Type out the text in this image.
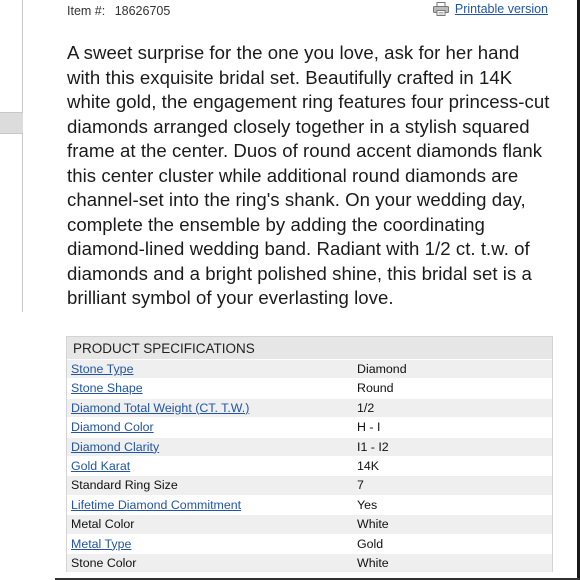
Item #: 18626705	Printable version

A sweet surprise for the one you love, ask for her hand with this exquisite bridal set. Beautifully crafted in 14K white gold, the engagement ring features four princess-cut diamonds arranged closely together in a stylish squared frame at the center. Duos of round accent diamonds flank this center cluster while additional round diamonds are channel-set into the ring's shank. On your wedding day, complete the ensemble by adding the coordinating diamond-lined wedding band. Radiant with 1/2 ct. t.w. of diamonds and a bright polished shine, this bridal set is a brilliant symbol of your everlasting love.

PRODUCT SPECIFICATIONS
Stone Type	Diamond
Stone Shape	Round
Diamond Total Weight (CT. T.W.)	1/2
Diamond Color	H - I
Diamond Clarity	I1 - I2
Gold Karat	14K
Standard Ring Size	7
Lifetime Diamond Commitment	Yes
Metal Color	White
Metal Type	Gold
Stone Color	White
